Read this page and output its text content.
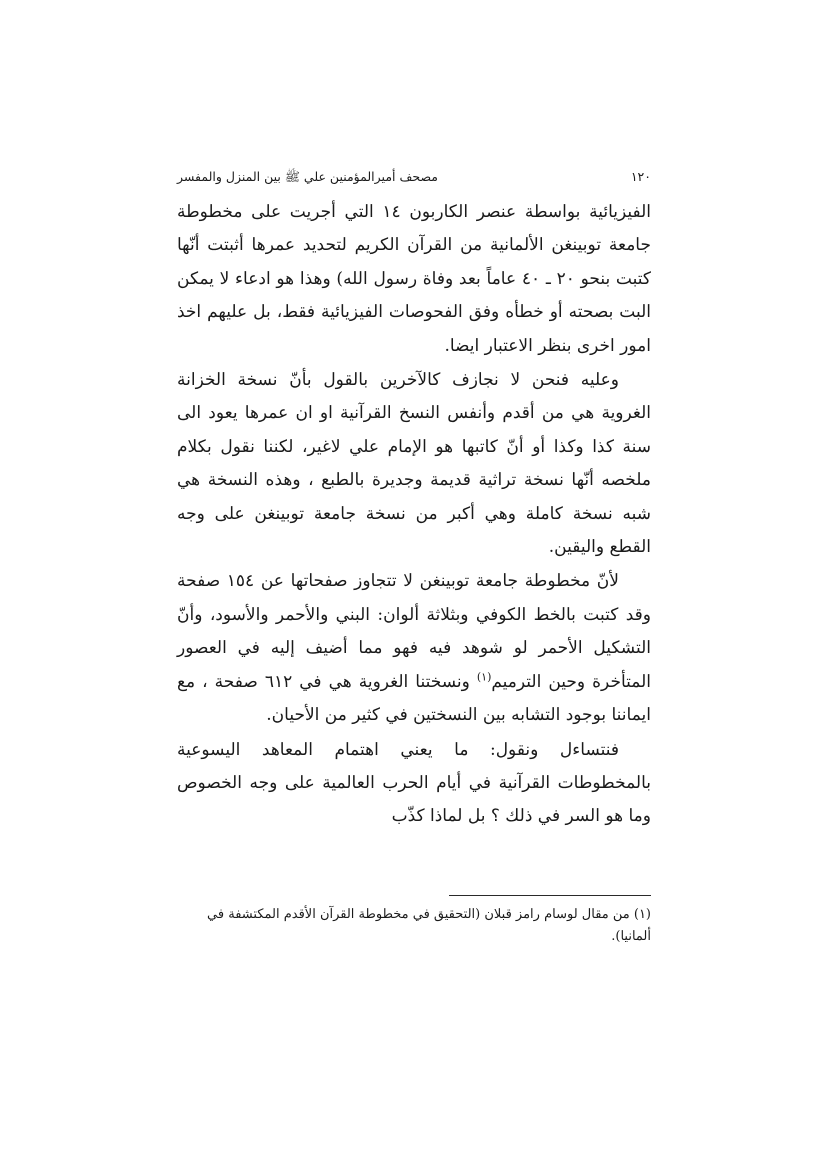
١٢٠
مصحف أميرالمؤمنين علي ﷺ بين المنزل والمفسر

الفيزيائية بواسطة عنصر الكاربون ١٤ التي أجريت على مخطوطة جامعة توبينغن الألمانية من القرآن الكريم لتحديد عمرها أثبتت أنّها كتبت بنحو ٢٠ ـ ٤٠ عاماً بعد وفاة رسول الله) وهذا هو ادعاء لا يمكن البت بصحته أو خطأه وفق الفحوصات الفيزيائية فقط، بل عليهم اخذ امور اخرى بنظر الاعتبار ايضا.

وعليه فنحن لا نجازف كالآخرين بالقول بأنّ نسخة الخزانة الغروية هي من أقدم وأنفس النسخ القرآنية او ان عمرها يعود الى سنة كذا وكذا أو أنّ كاتبها هو الإمام علي لاغير، لكننا نقول بكلام ملخصه أنّها نسخة تراثية قديمة وجديرة بالطبع ، وهذه النسخة هي شبه نسخة كاملة وهي أكبر من نسخة جامعة توبينغن على وجه القطع واليقين.

لأنّ مخطوطة جامعة توبينغن لا تتجاوز صفحاتها عن ١٥٤ صفحة وقد كتبت بالخط الكوفي وبثلاثة ألوان: البني والأحمر والأسود، وأنّ التشكيل الأحمر لو شوهد فيه فهو مما أضيف إليه في العصور المتأخرة وحين الترميم$^{(١)}$ ونسختنا الغروية هي في ٦١٢ صفحة ، مع ايماننا بوجود التشابه بين النسختين في كثير من الأحيان.

فنتساءل ونقول: ما يعني اهتمام المعاهد اليسوعية بالمخطوطات القرآنية في أيام الحرب العالمية على وجه الخصوص وما هو السر في ذلك ؟ بل لماذا كذّب

(١) من مقال لوسام رامز قبلان (التحقيق في مخطوطة القرآن الأقدم المكتشفة في ألمانيا).
